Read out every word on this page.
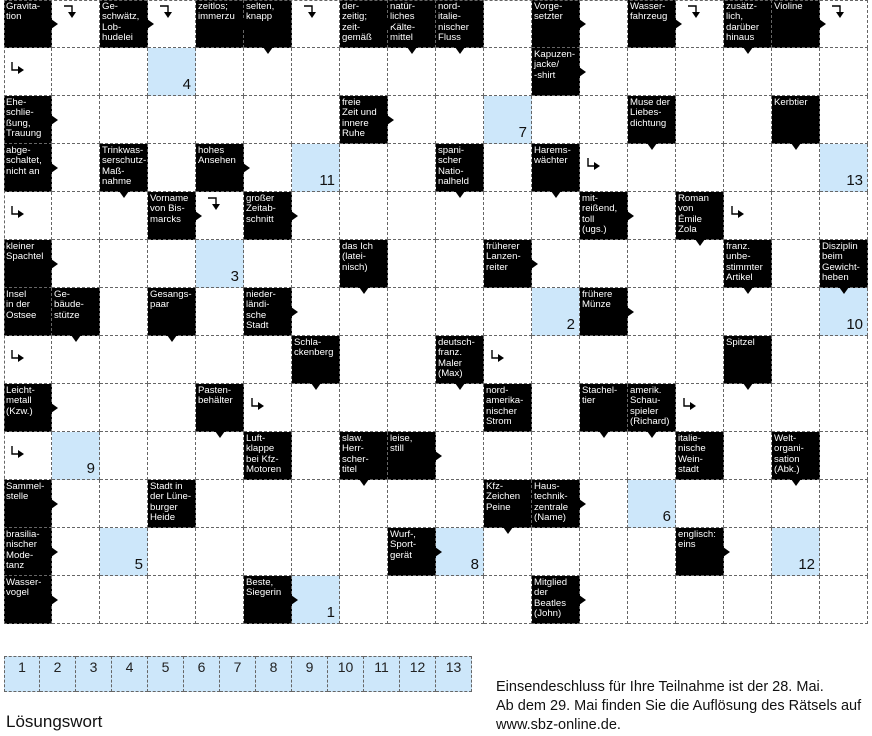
Gravita-
tion
Ge-
schwätz,
Lob-
hudelei
zeitlos;
immerzu
selten,
knapp
der-
zeitig;
zeit-
gemäß
natür-
liches
Kälte-
mittel
nord-
italie-
nischer
Fluss
Vorge-
setzter
Wasser-
fahrzeug
zusätz-
lich,
darüber
hinaus
Violine
4
Kapuzen-
jacke/
-shirt
Ehe-
schlie-
ßung,
Trauung
freie
Zeit und
innere
Ruhe	7
Muse der
Liebes-
dichtung
Kerbtier
abge-
schaltet,
nicht an
Trinkwas-
serschutz-
Maß-
nahme
hohes
Ansehen
11
spani-
scher
Natio-
nalheld
Harems-
wächter
13
Vorname
von Bis-
marcks
großer
Zeitab-
schnitt
mit-
reißend,
toll
(ugs.)
Roman
von
Émile
Zola
kleiner
Spachtel
3
das Ich
(latei-
nisch)
früherer
Lanzen-
reiter
franz.
unbe-
stimmter
Artikel
Disziplin
beim
Gewicht-
heben
Insel
in der
Ostsee
Ge-
bäude-
stütze
Gesangs-
paar
nieder-
ländi-
sche
Stadt	2
frühere
Münze
10
Schla-
ckenberg
deutsch-
franz.
Maler
(Max)
Spitzel
Leicht-
metall
(Kzw.)
Pasten-
behälter
nord-
amerika-
nischer
Strom
Stachel-
tier
amerik.
Schau-
spieler
(Richard)
9
Luft-
klappe
bei Kfz-
Motoren
slaw.
Herr-
scher-
titel
leise,
still
italie-
nische
Wein-
stadt
Welt-
organi-
sation
(Abk.)
Sammel-
stelle
Stadt in
der Lüne-
burger
Heide
Kfz-
Zeichen
Peine
Haus-
technik-
zentrale
(Name)	6
brasilia-
nischer
Mode-
tanz	5
Wurf-,
Sport-
gerät
8
englisch:
eins
12
Wasser-
vogel
Beste,
Siegerin
1
Mitglied
der
Beatles
(John)
1	2	3	4	5	6	7	8	9	10	11	12	13
Lösungswort
Einsendeschluss für Ihre Teilnahme ist der 28. Mai.
Ab dem 29. Mai finden Sie die Auflösung des Rätsels auf
www.sbz-online.de.
